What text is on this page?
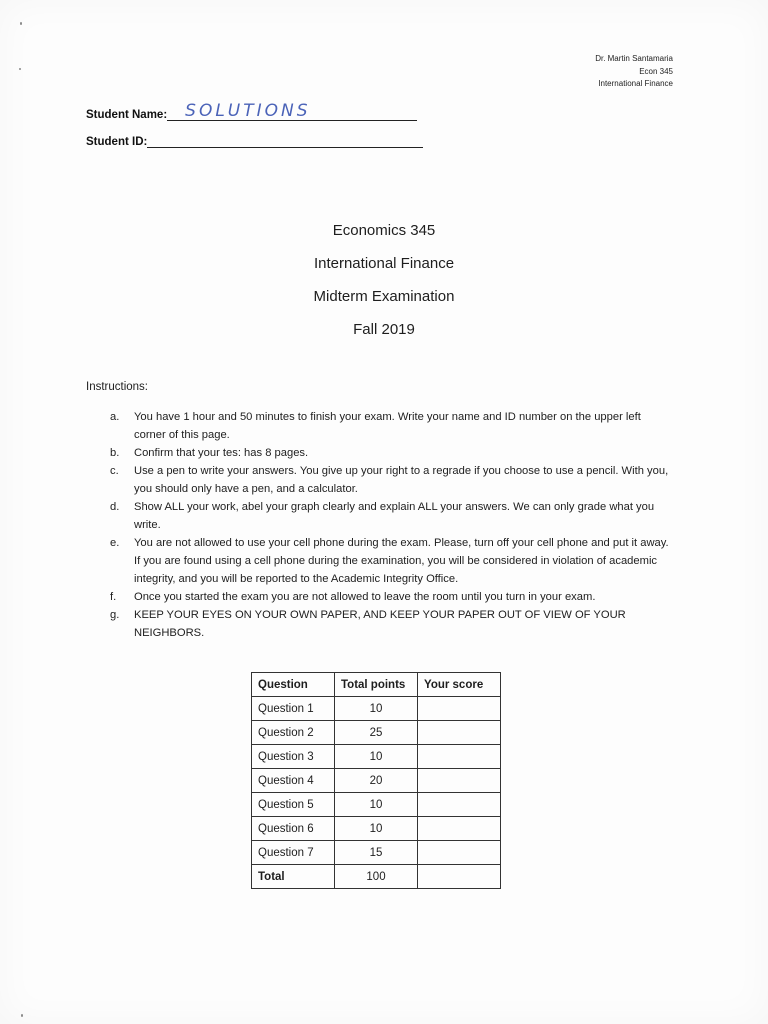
Dr. Martin Santamaria
Econ 345
International Finance
Student Name: SOLUTIONS
Student ID:
Economics 345
International Finance
Midterm Examination
Fall 2019
Instructions:
a. You have 1 hour and 50 minutes to finish your exam. Write your name and ID number on the upper left corner of this page.
b. Confirm that your tes: has 8 pages.
c. Use a pen to write your answers. You give up your right to a regrade if you choose to use a pencil. With you, you should only have a pen, and a calculator.
d. Show ALL your work, abel your graph clearly and explain ALL your answers. We can only grade what you write.
e. You are not allowed to use your cell phone during the exam. Please, turn off your cell phone and put it away. If you are found using a cell phone during the examination, you will be considered in violation of academic integrity, and you will be reported to the Academic Integrity Office.
f. Once you started the exam you are not allowed to leave the room until you turn in your exam.
g. KEEP YOUR EYES ON YOUR OWN PAPER, AND KEEP YOUR PAPER OUT OF VIEW OF YOUR NEIGHBORS.
Question	Total points	Your score
Question 1	10	
Question 2	25	
Question 3	10	
Question 4	20	
Question 5	10	
Question 6	10	
Question 7	15	
Total	100	
